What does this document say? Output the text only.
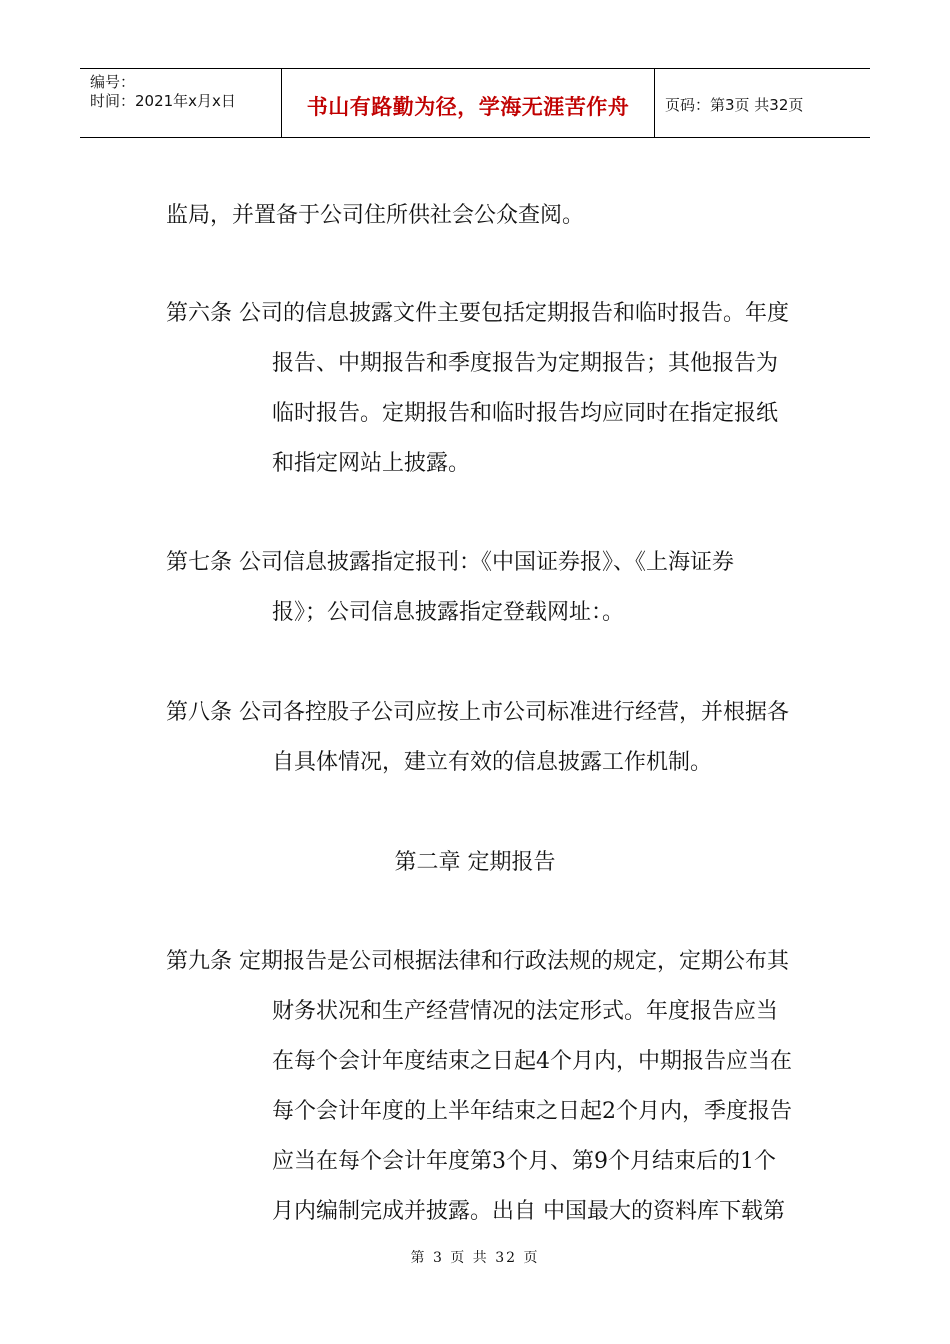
编号：
时间：2021年x月x日	书山有路勤为径，学海无涯苦作舟	页码：第3页 共32页
监局，并置备于公司住所供社会公众查阅。
第六条 公司的信息披露文件主要包括定期报告和临时报告。年度
报告、中期报告和季度报告为定期报告；其他报告为
临时报告。定期报告和临时报告均应同时在指定报纸
和指定网站上披露。
第七条 公司信息披露指定报刊：《中国证券报》、《上海证券
报》；公司信息披露指定登载网址：。
第八条 公司各控股子公司应按上市公司标准进行经营，并根据各
自具体情况，建立有效的信息披露工作机制。
第二章 定期报告
第九条 定期报告是公司根据法律和行政法规的规定，定期公布其
财务状况和生产经营情况的法定形式。年度报告应当
在每个会计年度结束之日起4个月内，中期报告应当在
每个会计年度的上半年结束之日起2个月内，季度报告
应当在每个会计年度第3个月、第9个月结束后的1个
月内编制完成并披露。出自 中国最大的资料库下载第
第 3 页 共 32 页
